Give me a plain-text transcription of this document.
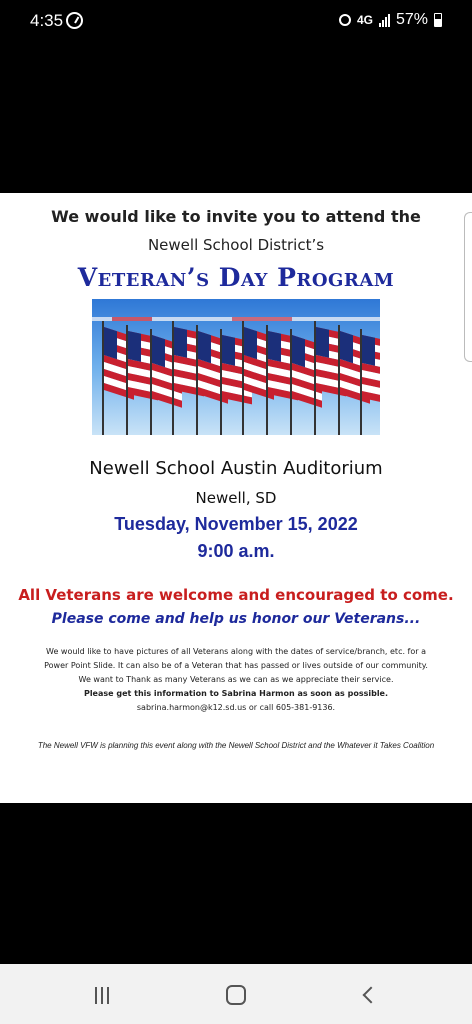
4:35	4G 57%
We would like to invite you to attend the
Newell School District’s
Veteran’s Day Program
Newell School Austin Auditorium
Newell, SD
Tuesday, November 15, 2022
9:00 a.m.
All Veterans are welcome and encouraged to come.
Please come and help us honor our Veterans...
We would like to have pictures of all Veterans along with the dates of service/branch, etc. for a
Power Point Slide. It can also be of a Veteran that has passed or lives outside of our community.
We want to Thank as many Veterans as we can as we appreciate their service.
Please get this information to Sabrina Harmon as soon as possible.
sabrina.harmon@k12.sd.us or call 605-381-9136.
The Newell VFW is planning this event along with the Newell School District and the Whatever it Takes Coalition
